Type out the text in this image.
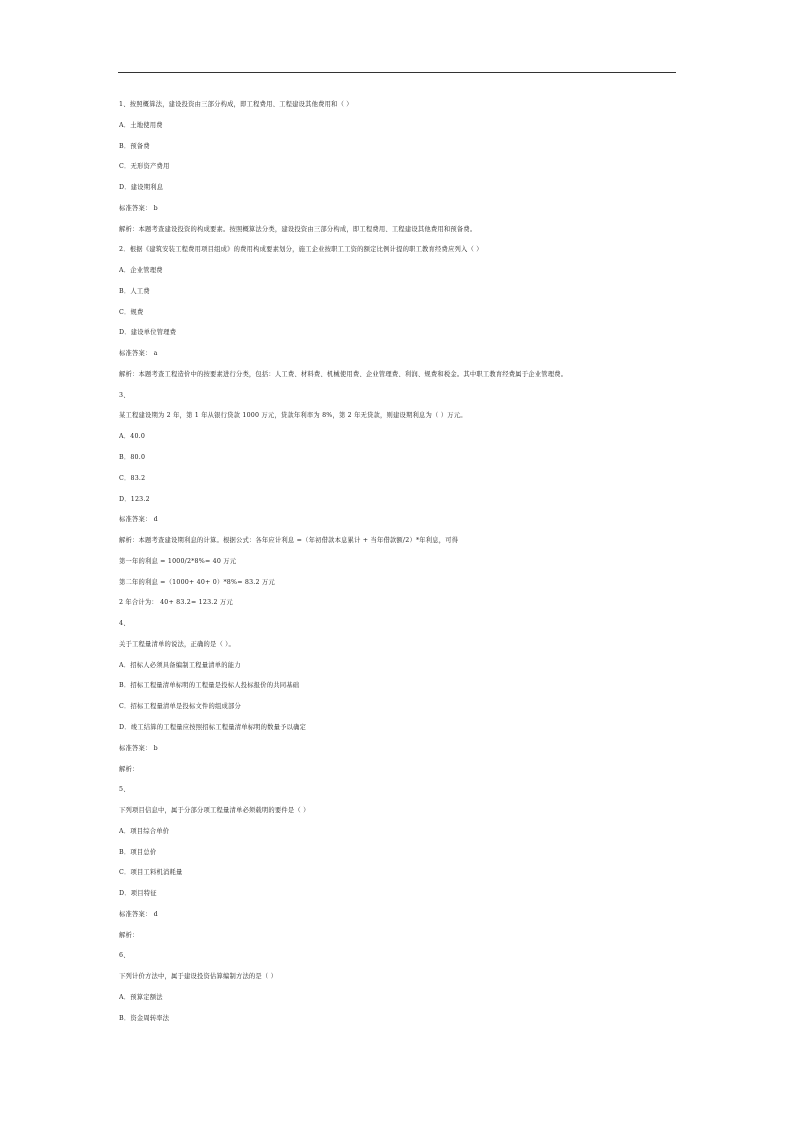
1、按照概算法，建设投资由三部分构成，即工程费用、工程建设其他费用和（ ）
A．土地使用费
B．预备费
C．无形资产费用
D．建设期利息
标准答案： b
解析：本题考查建设投资的构成要素。按照概算法分类，建设投资由三部分构成，即工程费用、工程建设其他费用和预备费。
2．根据《建筑安装工程费用项目组成》的费用构成要素划分，施工企业按职工工资的额定比例计提的职工教育经费应列入（ ）
A．企业管理费
B．人工费
C．规费
D．建设单位管理费
标准答案： a
解析：本题考查工程造价中的按要素进行分类，包括：人工费、材料费、机械使用费、企业管理费、利润、规费和税金。其中职工教育经费属于企业管理费。
3、
某工程建设期为 2 年，第 1 年从银行贷款 1000 万元，贷款年利率为 8%，第 2 年无贷款，则建设期利息为（ ）万元。
A．40.0
B．80.0
C．83.2
D．123.2
标准答案： d
解析：本题考查建设期利息的计算。根据公式：各年应计利息 =（年初借款本息累计 + 当年借款额/2）*年利息，可得
第一年的利息 = 1000/2*8%= 40 万元
第二年的利息 =（1000+ 40+ 0）*8%= 83.2 万元
2 年合计为： 40+ 83.2= 123.2 万元
4、
关于工程量清单的说法，正确的是（ ）。
A．招标人必须具备编制工程量清单的能力
B．招标工程量清单标明的工程量是投标人投标报价的共同基础
C．招标工程量清单是投标文件的组成部分
D．竣工结算的工程量应按照招标工程量清单标明的数量予以确定
标准答案： b
解析：
5、
下列项目信息中，属于分部分项工程量清单必须载明的要件是（ ）
A．项目综合单价
B．项目总价
C．项目工料机消耗量
D．项目特征
标准答案： d
解析：
6、
下列计价方法中，属于建设投资估算编制方法的是（ ）
A．预算定额法
B．资金周转率法
